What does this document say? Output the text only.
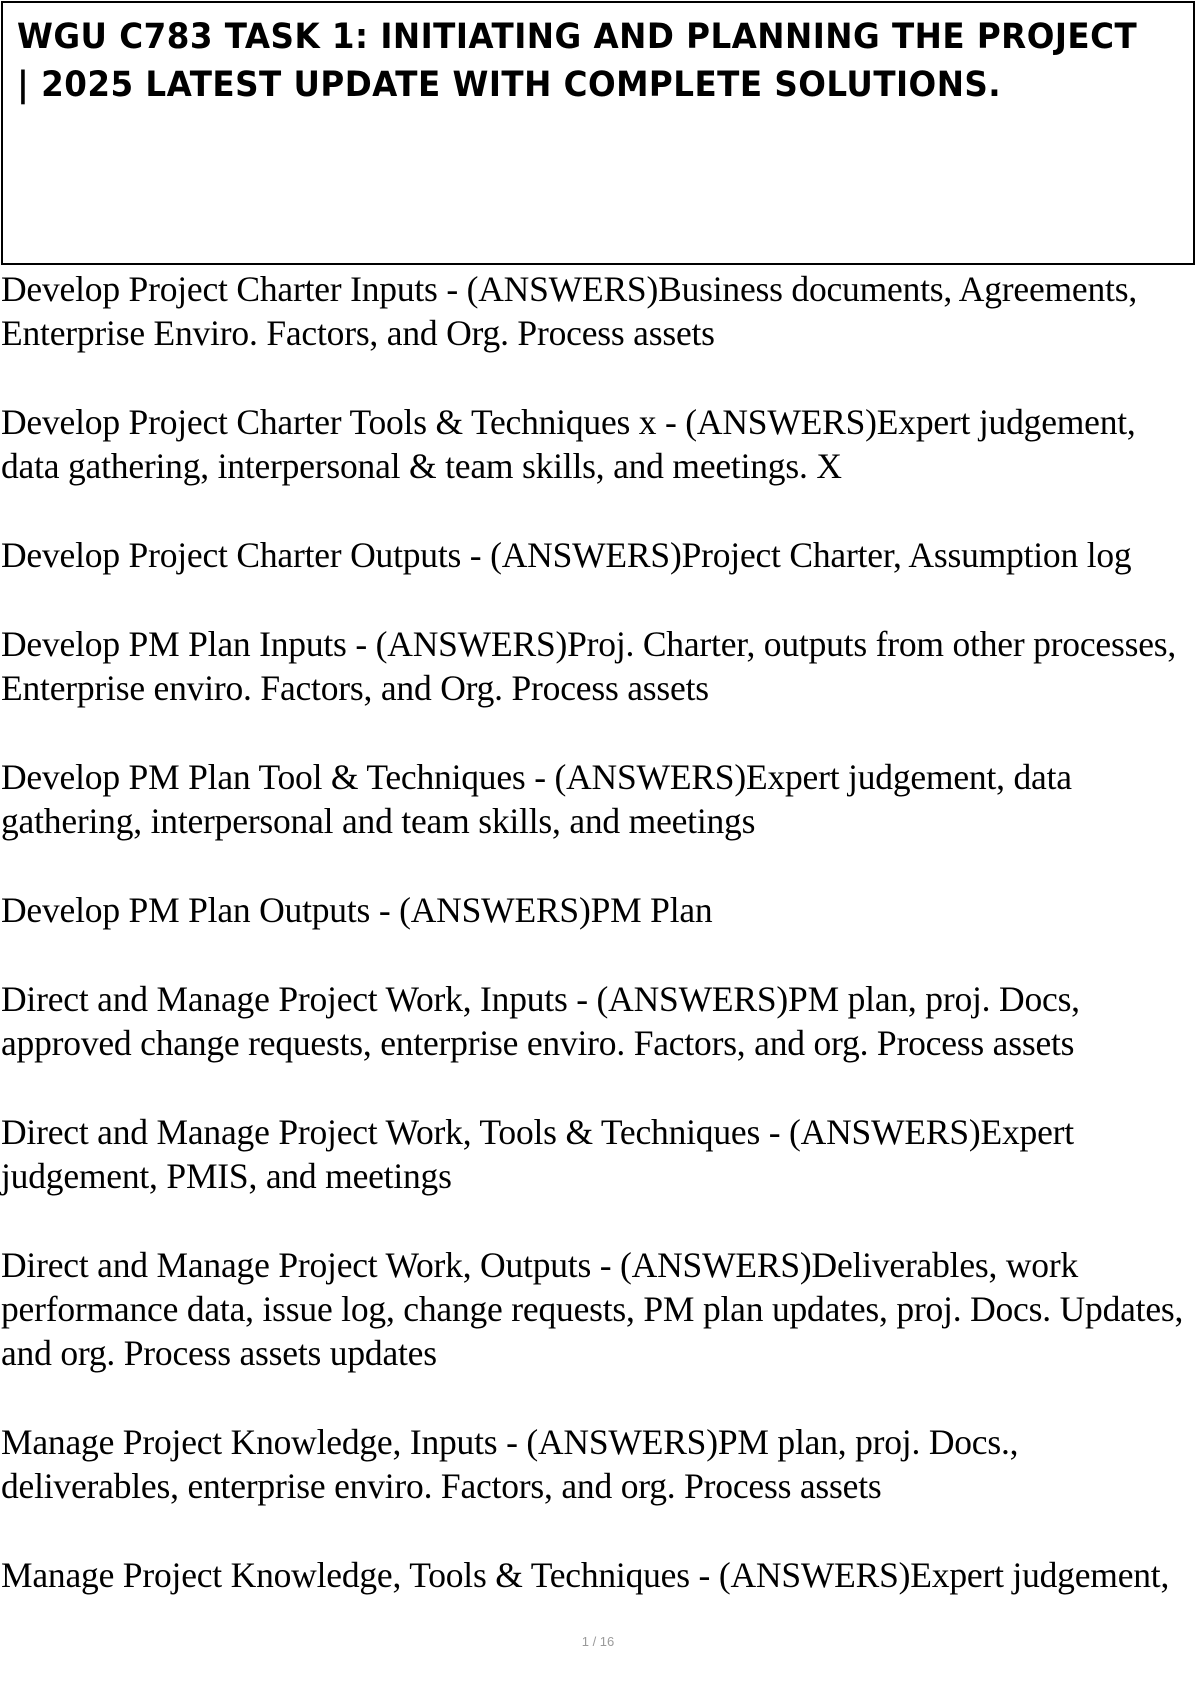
WGU C783 TASK 1: INITIATING AND PLANNING THE PROJECT | 2025 LATEST UPDATE WITH COMPLETE SOLUTIONS.
Develop Project Charter Inputs - (ANSWERS)Business documents, Agreements, Enterprise Enviro. Factors, and Org. Process assets
Develop Project Charter Tools & Techniques x - (ANSWERS)Expert judgement, data gathering, interpersonal & team skills, and meetings. X
Develop Project Charter Outputs - (ANSWERS)Project Charter, Assumption log
Develop PM Plan Inputs - (ANSWERS)Proj. Charter, outputs from other processes, Enterprise enviro. Factors, and Org. Process assets
Develop PM Plan Tool & Techniques - (ANSWERS)Expert judgement, data gathering, interpersonal and team skills, and meetings
Develop PM Plan Outputs - (ANSWERS)PM Plan
Direct and Manage Project Work, Inputs - (ANSWERS)PM plan, proj. Docs, approved change requests, enterprise enviro. Factors, and org. Process assets
Direct and Manage Project Work, Tools & Techniques - (ANSWERS)Expert judgement, PMIS, and meetings
Direct and Manage Project Work, Outputs - (ANSWERS)Deliverables, work performance data, issue log, change requests, PM plan updates, proj. Docs. Updates, and org. Process assets updates
Manage Project Knowledge, Inputs - (ANSWERS)PM plan, proj. Docs., deliverables, enterprise enviro. Factors, and org. Process assets
Manage Project Knowledge, Tools & Techniques - (ANSWERS)Expert judgement,
1 / 16
